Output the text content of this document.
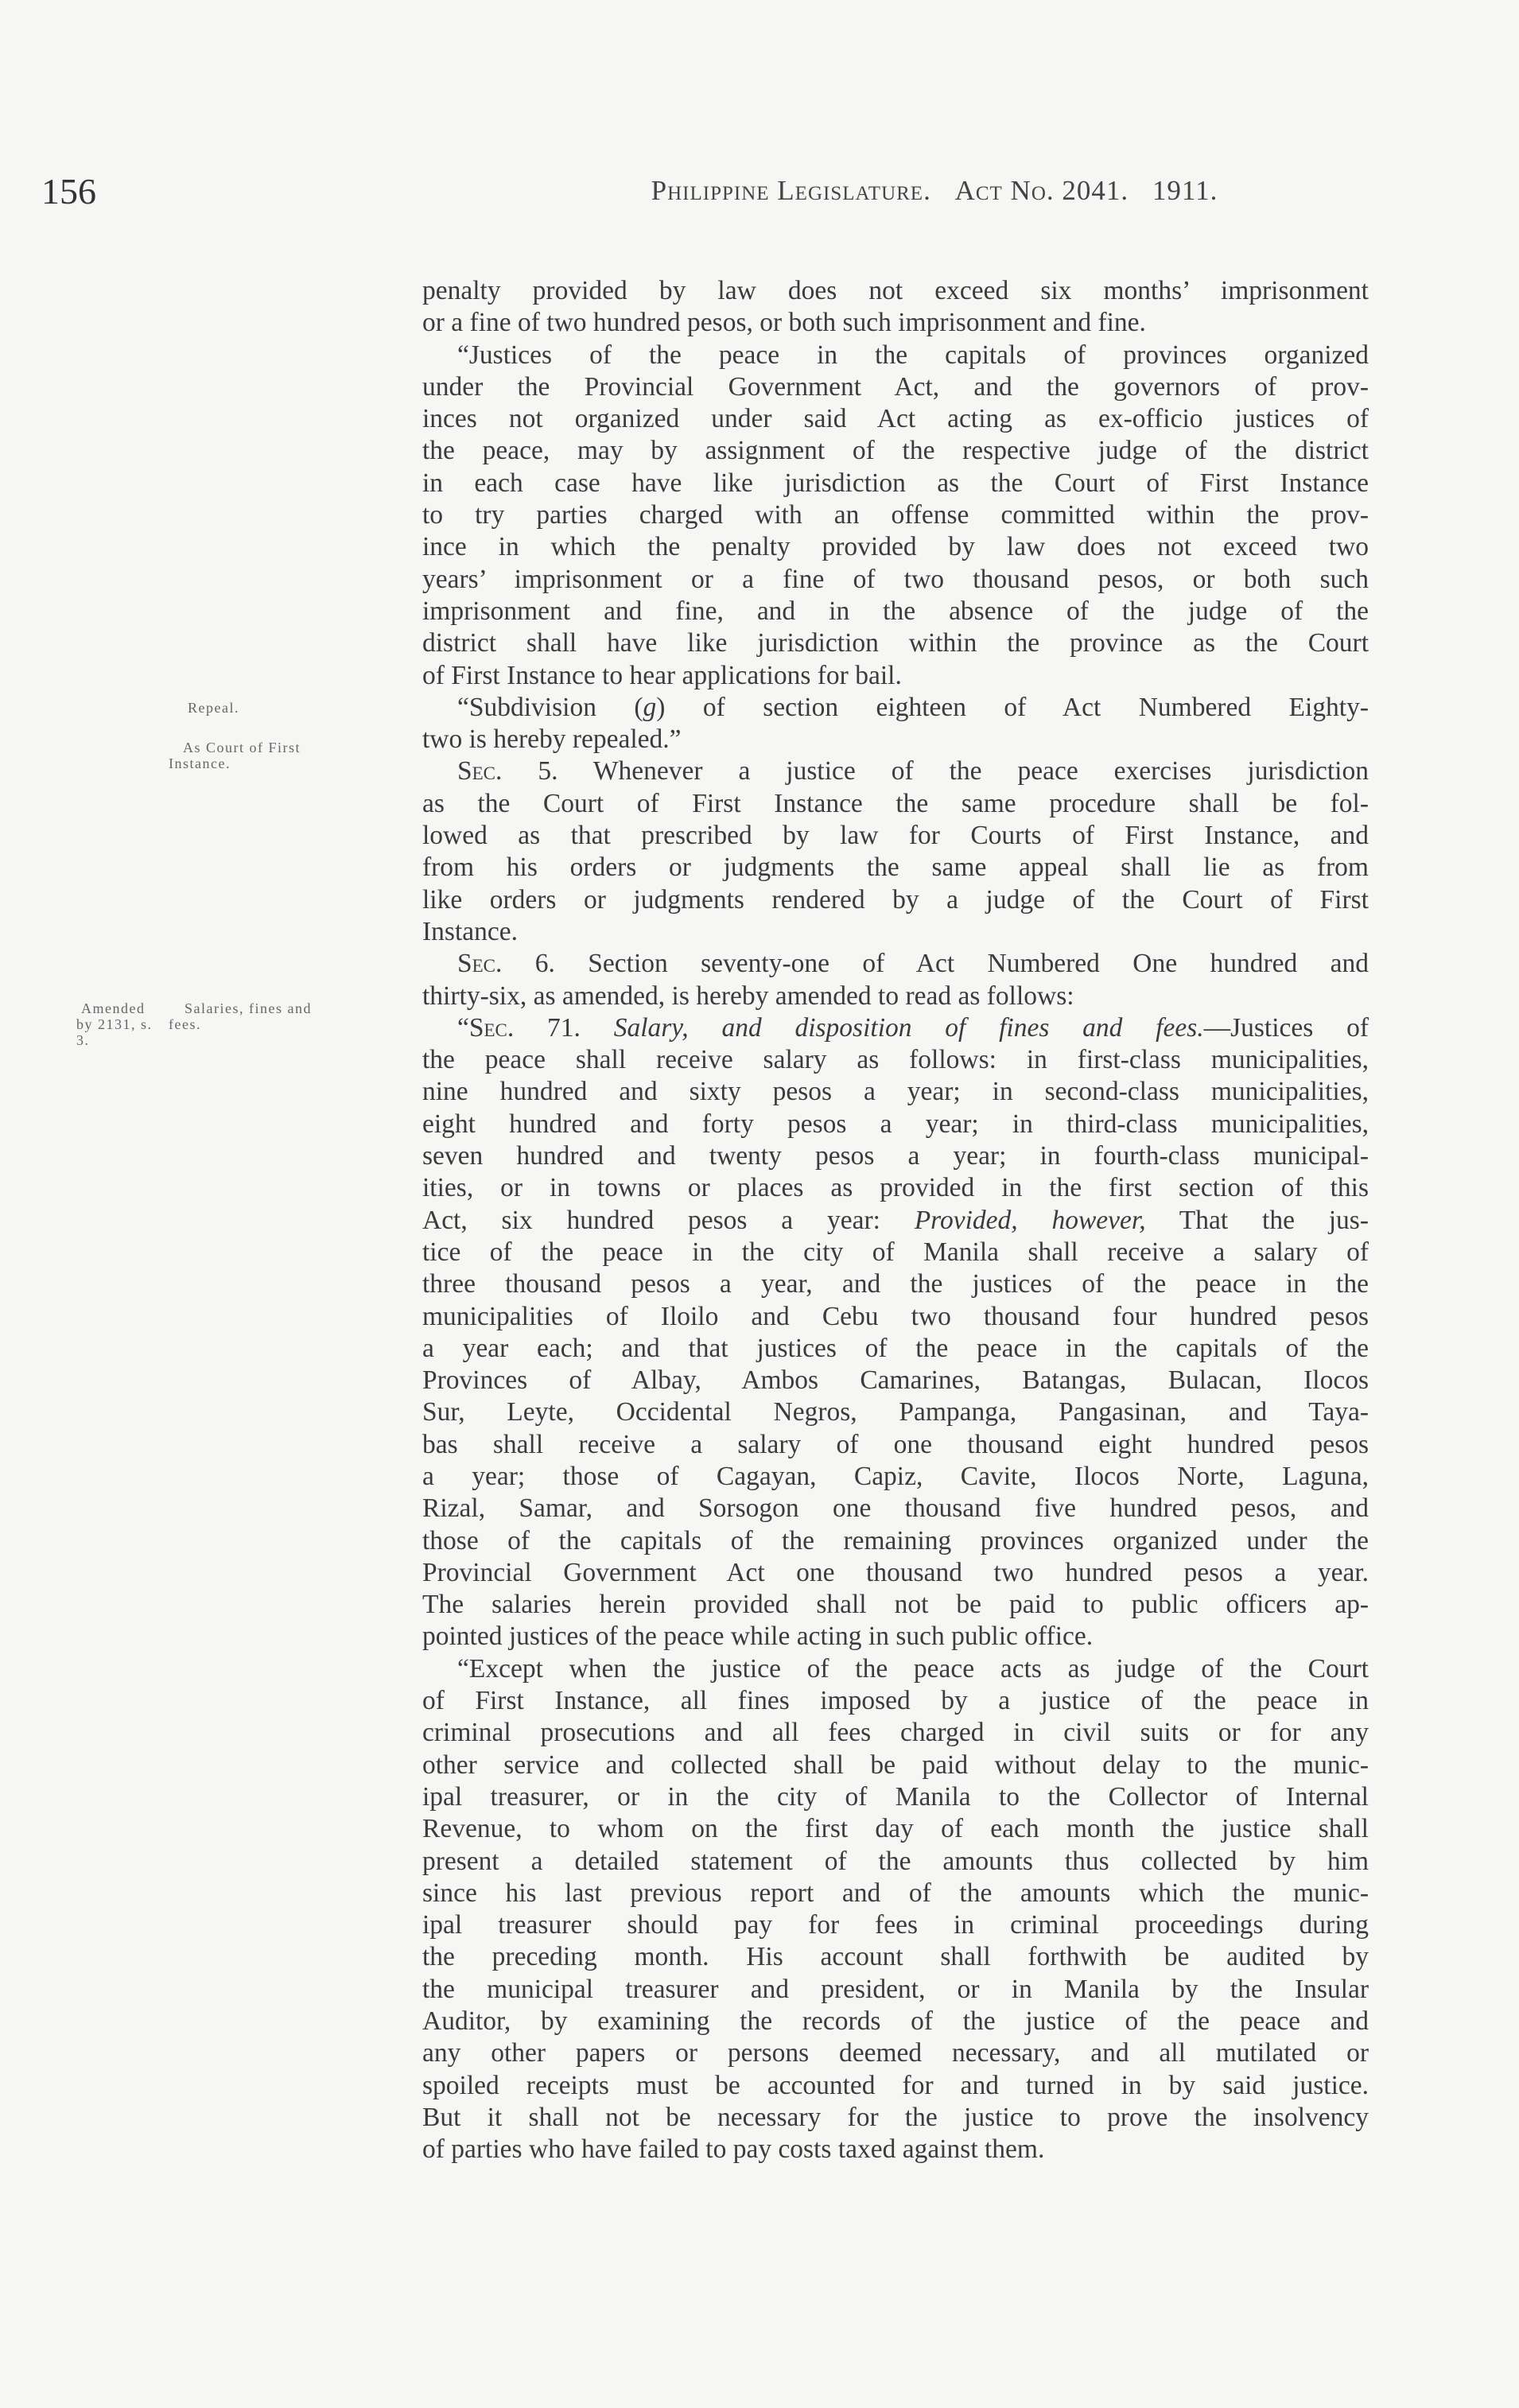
156	Philippine Legislature. Act No. 2041. 1911.
Repeal.
As Court of First
Instance.
Amended
by 2131, s. 3.
Salaries, fines and
fees.
penalty provided by law does not exceed six months’ imprisonment
or a fine of two hundred pesos, or both such imprisonment and fine.
“Justices of the peace in the capitals of provinces organized
under the Provincial Government Act, and the governors of prov-
inces not organized under said Act acting as ex-officio justices of
the peace, may by assignment of the respective judge of the district
in each case have like jurisdiction as the Court of First Instance
to try parties charged with an offense committed within the prov-
ince in which the penalty provided by law does not exceed two
years’ imprisonment or a fine of two thousand pesos, or both such
imprisonment and fine, and in the absence of the judge of the
district shall have like jurisdiction within the province as the Court
of First Instance to hear applications for bail.
“Subdivision (g) of section eighteen of Act Numbered Eighty-
two is hereby repealed.”
Sec. 5. Whenever a justice of the peace exercises jurisdiction
as the Court of First Instance the same procedure shall be fol-
lowed as that prescribed by law for Courts of First Instance, and
from his orders or judgments the same appeal shall lie as from
like orders or judgments rendered by a judge of the Court of First
Instance.
Sec. 6. Section seventy-one of Act Numbered One hundred and
thirty-six, as amended, is hereby amended to read as follows:
“Sec. 71. Salary, and disposition of fines and fees.—Justices of
the peace shall receive salary as follows: in first-class municipalities,
nine hundred and sixty pesos a year; in second-class municipalities,
eight hundred and forty pesos a year; in third-class municipalities,
seven hundred and twenty pesos a year; in fourth-class municipal-
ities, or in towns or places as provided in the first section of this
Act, six hundred pesos a year: Provided, however, That the jus-
tice of the peace in the city of Manila shall receive a salary of
three thousand pesos a year, and the justices of the peace in the
municipalities of Iloilo and Cebu two thousand four hundred pesos
a year each; and that justices of the peace in the capitals of the
Provinces of Albay, Ambos Camarines, Batangas, Bulacan, Ilocos
Sur, Leyte, Occidental Negros, Pampanga, Pangasinan, and Taya-
bas shall receive a salary of one thousand eight hundred pesos
a year; those of Cagayan, Capiz, Cavite, Ilocos Norte, Laguna,
Rizal, Samar, and Sorsogon one thousand five hundred pesos, and
those of the capitals of the remaining provinces organized under the
Provincial Government Act one thousand two hundred pesos a year.
The salaries herein provided shall not be paid to public officers ap-
pointed justices of the peace while acting in such public office.
“Except when the justice of the peace acts as judge of the Court
of First Instance, all fines imposed by a justice of the peace in
criminal prosecutions and all fees charged in civil suits or for any
other service and collected shall be paid without delay to the munic-
ipal treasurer, or in the city of Manila to the Collector of Internal
Revenue, to whom on the first day of each month the justice shall
present a detailed statement of the amounts thus collected by him
since his last previous report and of the amounts which the munic-
ipal treasurer should pay for fees in criminal proceedings during
the preceding month. His account shall forthwith be audited by
the municipal treasurer and president, or in Manila by the Insular
Auditor, by examining the records of the justice of the peace and
any other papers or persons deemed necessary, and all mutilated or
spoiled receipts must be accounted for and turned in by said justice.
But it shall not be necessary for the justice to prove the insolvency
of parties who have failed to pay costs taxed against them.
